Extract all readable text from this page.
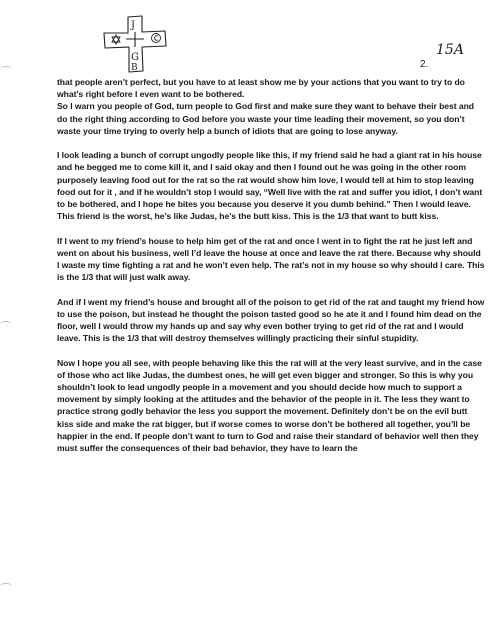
J
G
B
15A
2.

that people aren’t perfect, but you have to at least show me by your actions that you want to try to do what’s right before I even want to be bothered.

So I warn you people of God, turn people to God first and make sure they want to behave their best and do the right thing according to God before you waste your time leading their movement, so you don’t waste your time trying to overly help a bunch of idiots that are going to lose anyway.

I look leading a bunch of corrupt ungodly people like this, if my friend said he had a giant rat in his house and he begged me to come kill it, and I said okay and then I found out he was going in the other room purposely leaving food out for the rat so the rat would show him love, I would tell at him to stop leaving food out for it , and if he wouldn’t stop I would say, “Well live with the rat and suffer you idiot, I don’t want to be bothered, and I hope he bites you because you deserve it you dumb behind.” Then I would leave. This friend is the worst, he’s like Judas, he’s the butt kiss. This is the 1/3 that want to butt kiss.

If I went to my friend’s house to help him get of the rat and once I went in to fight the rat he just left and went on about his business, well I’d leave the house at once and leave the rat there. Because why should I waste my time fighting a rat and he won’t even help. The rat’s not in my house so why should I care. This is the 1/3 that will just walk away.

And if I went my friend’s house and brought all of the poison to get rid of the rat and taught my friend how to use the poison, but instead he thought the poison tasted good so he ate it and I found him dead on the floor, well I would throw my hands up and say why even bother trying to get rid of the rat and I would leave. This is the 1/3 that will destroy themselves willingly practicing their sinful stupidity.

Now I hope you all see, with people behaving like this the rat will at the very least survive, and in the case of those who act like Judas, the dumbest ones, he will get even bigger and stronger. So this is why you shouldn’t look to lead ungodly people in a movement and you should decide how much to support a movement by simply looking at the attitudes and the behavior of the people in it. The less they want to practice strong godly behavior the less you support the movement. Definitely don’t be on the evil butt kiss side and make the rat bigger, but if worse comes to worse don’t be bothered all together, you’ll be happier in the end. If people don’t want to turn to God and raise their standard of behavior well then they must suffer the consequences of their bad behavior, they have to learn the
